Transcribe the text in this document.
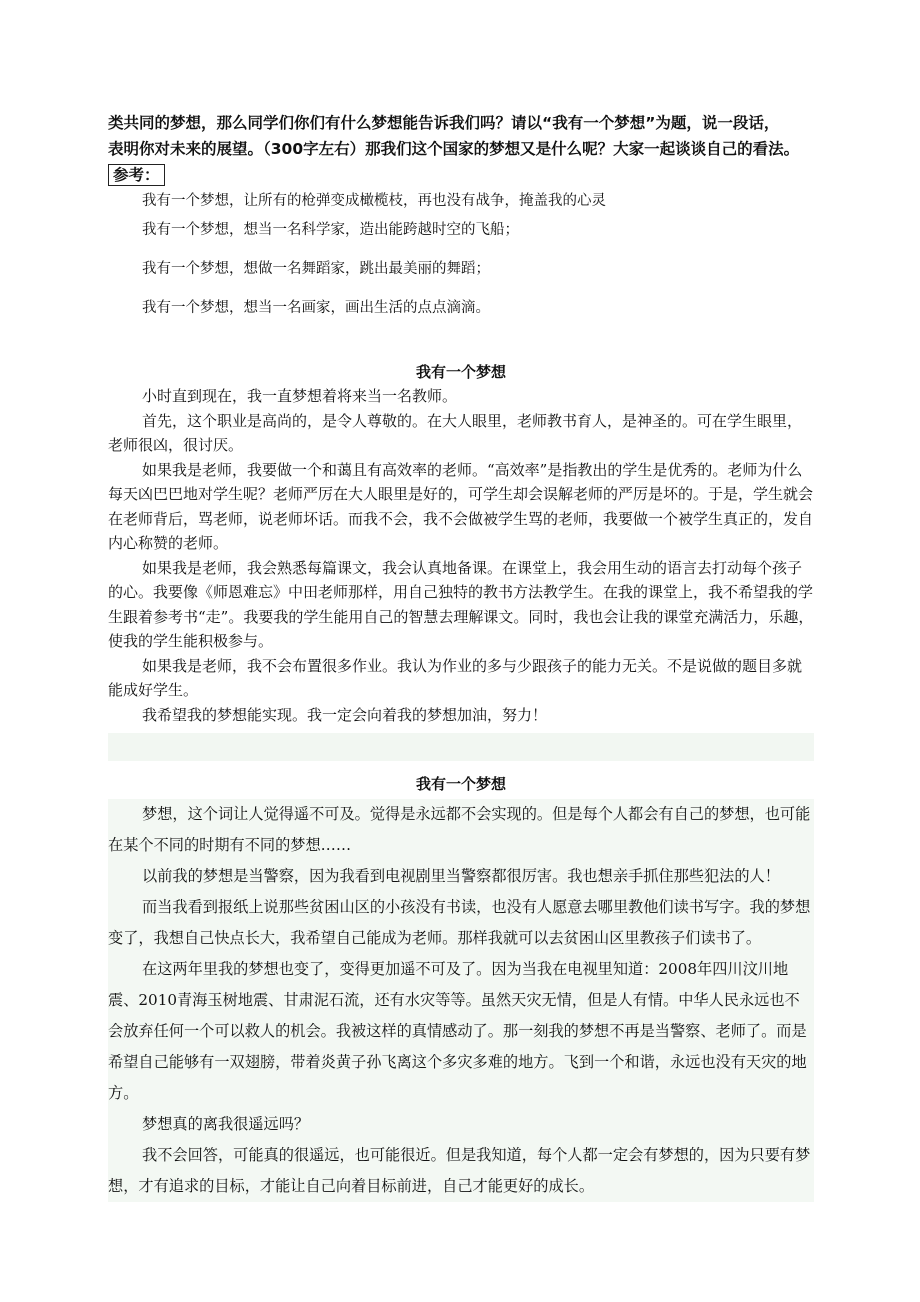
类共同的梦想，那么同学们你们有什么梦想能告诉我们吗？请以“我有一个梦想”为题，说一段话，

表明你对未来的展望。（300字左右）那我们这个国家的梦想又是什么呢？大家一起谈谈自己的看法。

参考：

我有一个梦想，让所有的枪弹变成橄榄枝，再也没有战争，掩盖我的心灵

我有一个梦想，想当一名科学家，造出能跨越时空的飞船；

我有一个梦想，想做一名舞蹈家，跳出最美丽的舞蹈；

我有一个梦想，想当一名画家，画出生活的点点滴滴。

我有一个梦想

小时直到现在，我一直梦想着将来当一名教师。

首先，这个职业是高尚的，是令人尊敬的。在大人眼里，老师教书育人，是神圣的。可在学生眼里，老师很凶，很讨厌。

如果我是老师，我要做一个和蔼且有高效率的老师。“高效率”是指教出的学生是优秀的。老师为什么每天凶巴巴地对学生呢？老师严厉在大人眼里是好的，可学生却会误解老师的严厉是坏的。于是，学生就会在老师背后，骂老师，说老师坏话。而我不会，我不会做被学生骂的老师，我要做一个被学生真正的，发自内心称赞的老师。

如果我是老师，我会熟悉每篇课文，我会认真地备课。在课堂上，我会用生动的语言去打动每个孩子的心。我要像《师恩难忘》中田老师那样，用自己独特的教书方法教学生。在我的课堂上，我不希望我的学生跟着参考书“走”。我要我的学生能用自己的智慧去理解课文。同时，我也会让我的课堂充满活力，乐趣，使我的学生能积极参与。

如果我是老师，我不会布置很多作业。我认为作业的多与少跟孩子的能力无关。不是说做的题目多就能成好学生。

我希望我的梦想能实现。我一定会向着我的梦想加油，努力！

我有一个梦想

梦想，这个词让人觉得遥不可及。觉得是永远都不会实现的。但是每个人都会有自己的梦想，也可能在某个不同的时期有不同的梦想……

以前我的梦想是当警察，因为我看到电视剧里当警察都很厉害。我也想亲手抓住那些犯法的人！

而当我看到报纸上说那些贫困山区的小孩没有书读，也没有人愿意去哪里教他们读书写字。我的梦想变了，我想自己快点长大，我希望自己能成为老师。那样我就可以去贫困山区里教孩子们读书了。

在这两年里我的梦想也变了，变得更加遥不可及了。因为当我在电视里知道：2008年四川汶川地震、2010青海玉树地震、甘肃泥石流，还有水灾等等。虽然天灾无情，但是人有情。中华人民永远也不会放弃任何一个可以救人的机会。我被这样的真情感动了。那一刻我的梦想不再是当警察、老师了。而是希望自己能够有一双翅膀，带着炎黄子孙飞离这个多灾多难的地方。飞到一个和谐，永远也没有天灾的地方。

梦想真的离我很遥远吗？

我不会回答，可能真的很遥远，也可能很近。但是我知道，每个人都一定会有梦想的，因为只要有梦想，才有追求的目标，才能让自己向着目标前进，自己才能更好的成长。
